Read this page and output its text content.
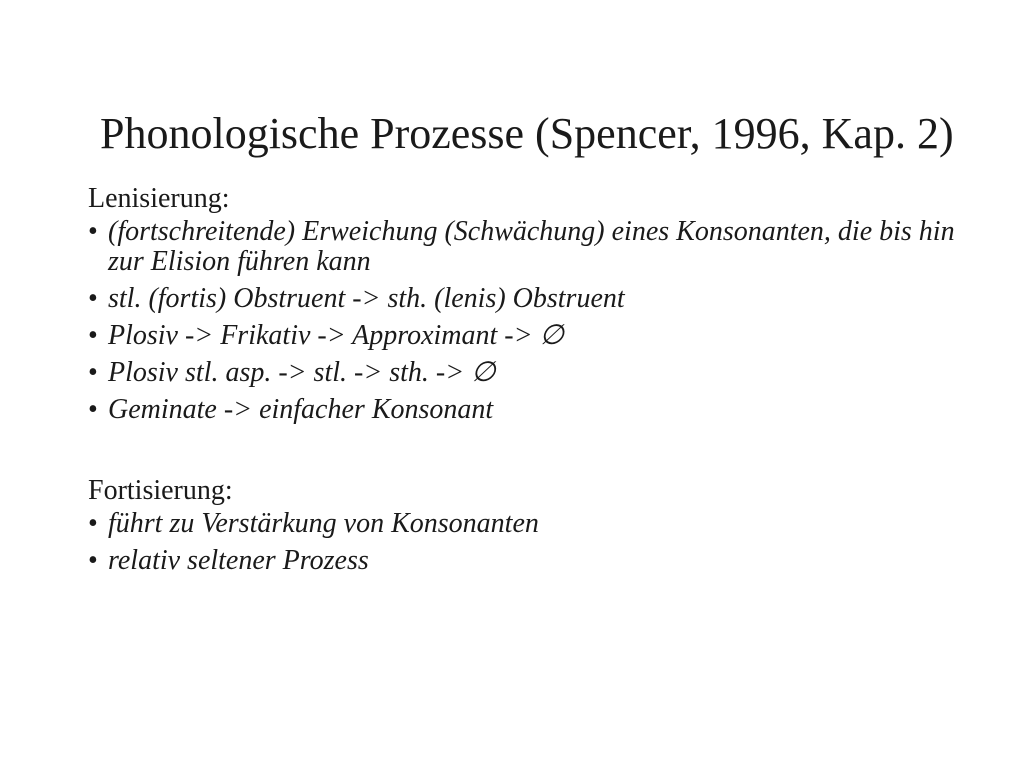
Phonologische Prozesse (Spencer, 1996, Kap. 2)

Lenisierung:

• (fortschreitende) Erweichung (Schwächung) eines Konsonanten, die bis hin zur Elision führen kann
• stl. (fortis) Obstruent -> sth. (lenis) Obstruent
• Plosiv -> Frikativ -> Approximant -> ∅
• Plosiv stl. asp. -> stl. -> sth. -> ∅
• Geminate -> einfacher Konsonant

Fortisierung:

• führt zu Verstärkung von Konsonanten
• relativ seltener Prozess
